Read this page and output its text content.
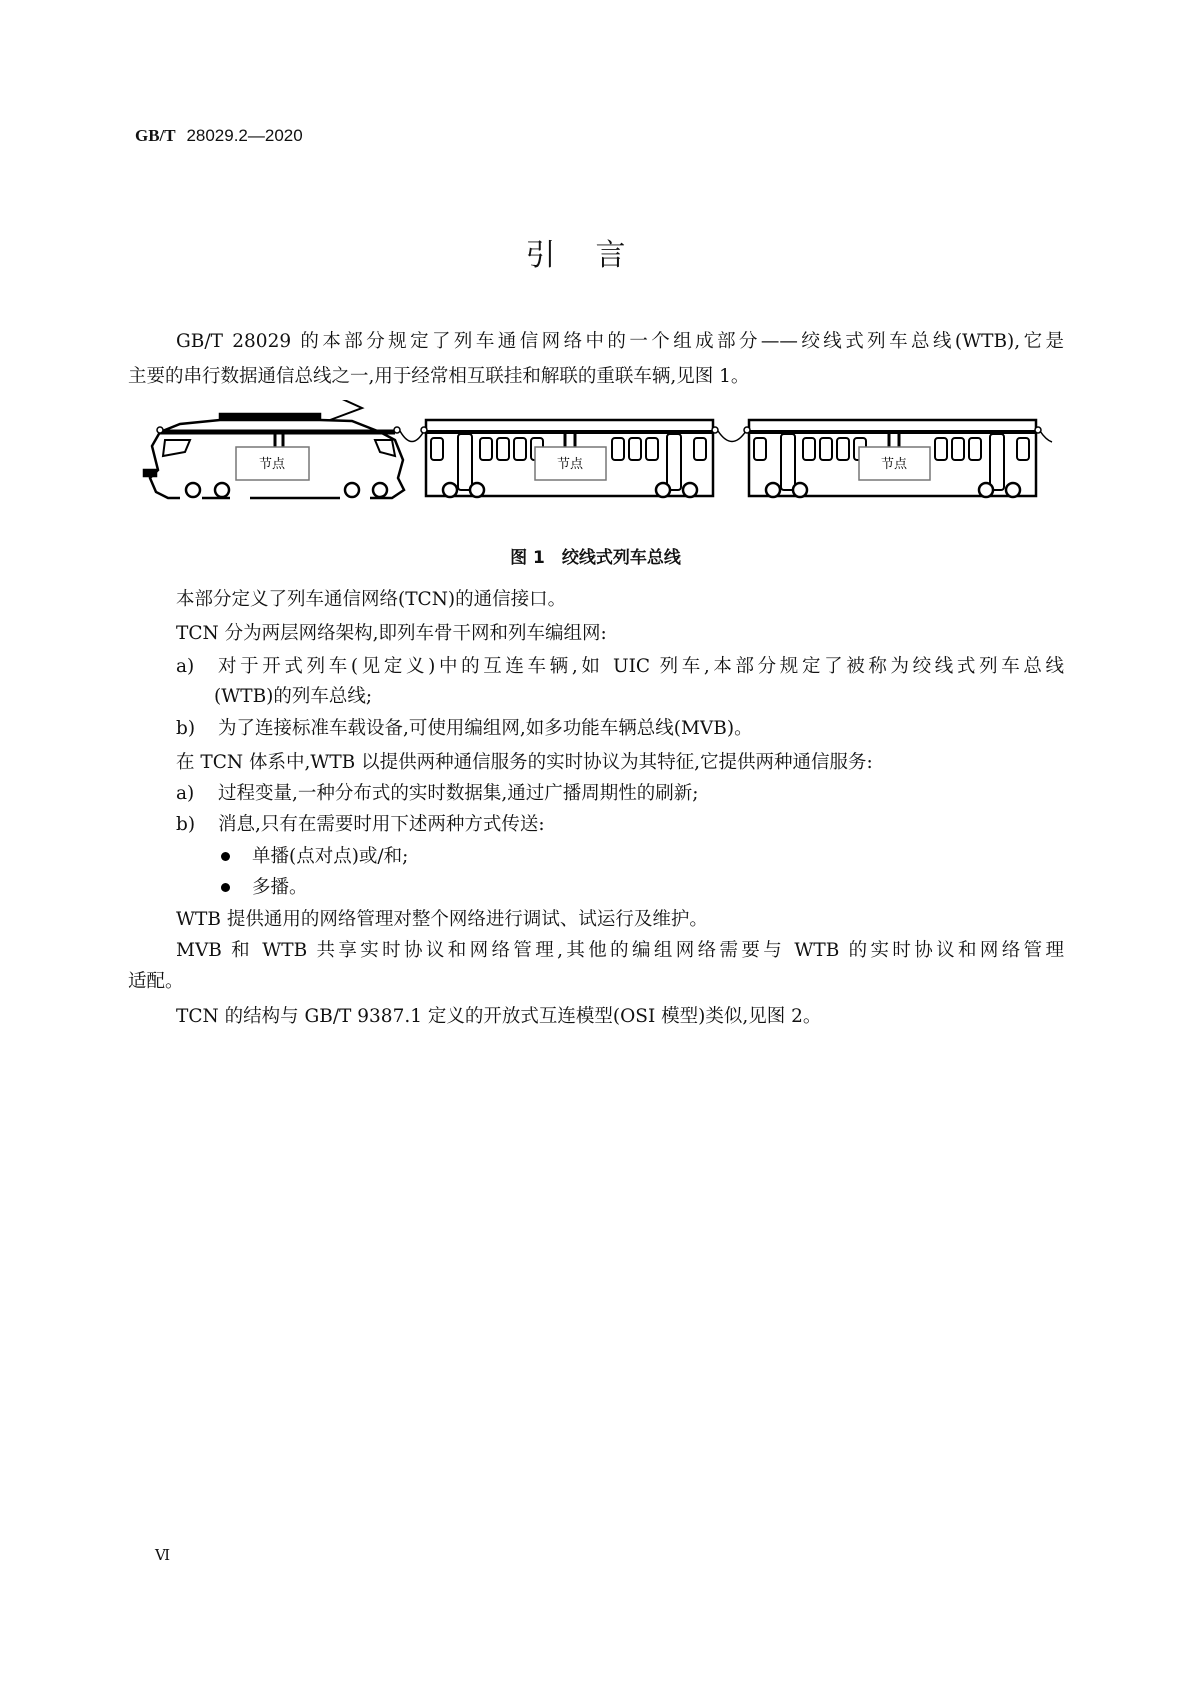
GB/T 28029.2—2020
引言
GB/T 28029 的本部分规定了列车通信网络中的一个组成部分——绞线式列车总线(WTB),它是
主要的串行数据通信总线之一,用于经常相互联挂和解联的重联车辆,见图 1。
节点	节点	节点
图 1　绞线式列车总线
本部分定义了列车通信网络(TCN)的通信接口。
TCN 分为两层网络架构,即列车骨干网和列车编组网:
a) 对于开式列车(见定义)中的互连车辆,如 UIC 列车,本部分规定了被称为绞线式列车总线
(WTB)的列车总线;
b) 为了连接标准车载设备,可使用编组网,如多功能车辆总线(MVB)。
在 TCN 体系中,WTB 以提供两种通信服务的实时协议为其特征,它提供两种通信服务:
a) 过程变量,一种分布式的实时数据集,通过广播周期性的刷新;
b) 消息,只有在需要时用下述两种方式传送:
单播(点对点)或/和;
多播。
WTB 提供通用的网络管理对整个网络进行调试、试运行及维护。
MVB 和 WTB 共享实时协议和网络管理,其他的编组网络需要与 WTB 的实时协议和网络管理
适配。
TCN 的结构与 GB/T 9387.1 定义的开放式互连模型(OSI 模型)类似,见图 2。
Ⅵ
